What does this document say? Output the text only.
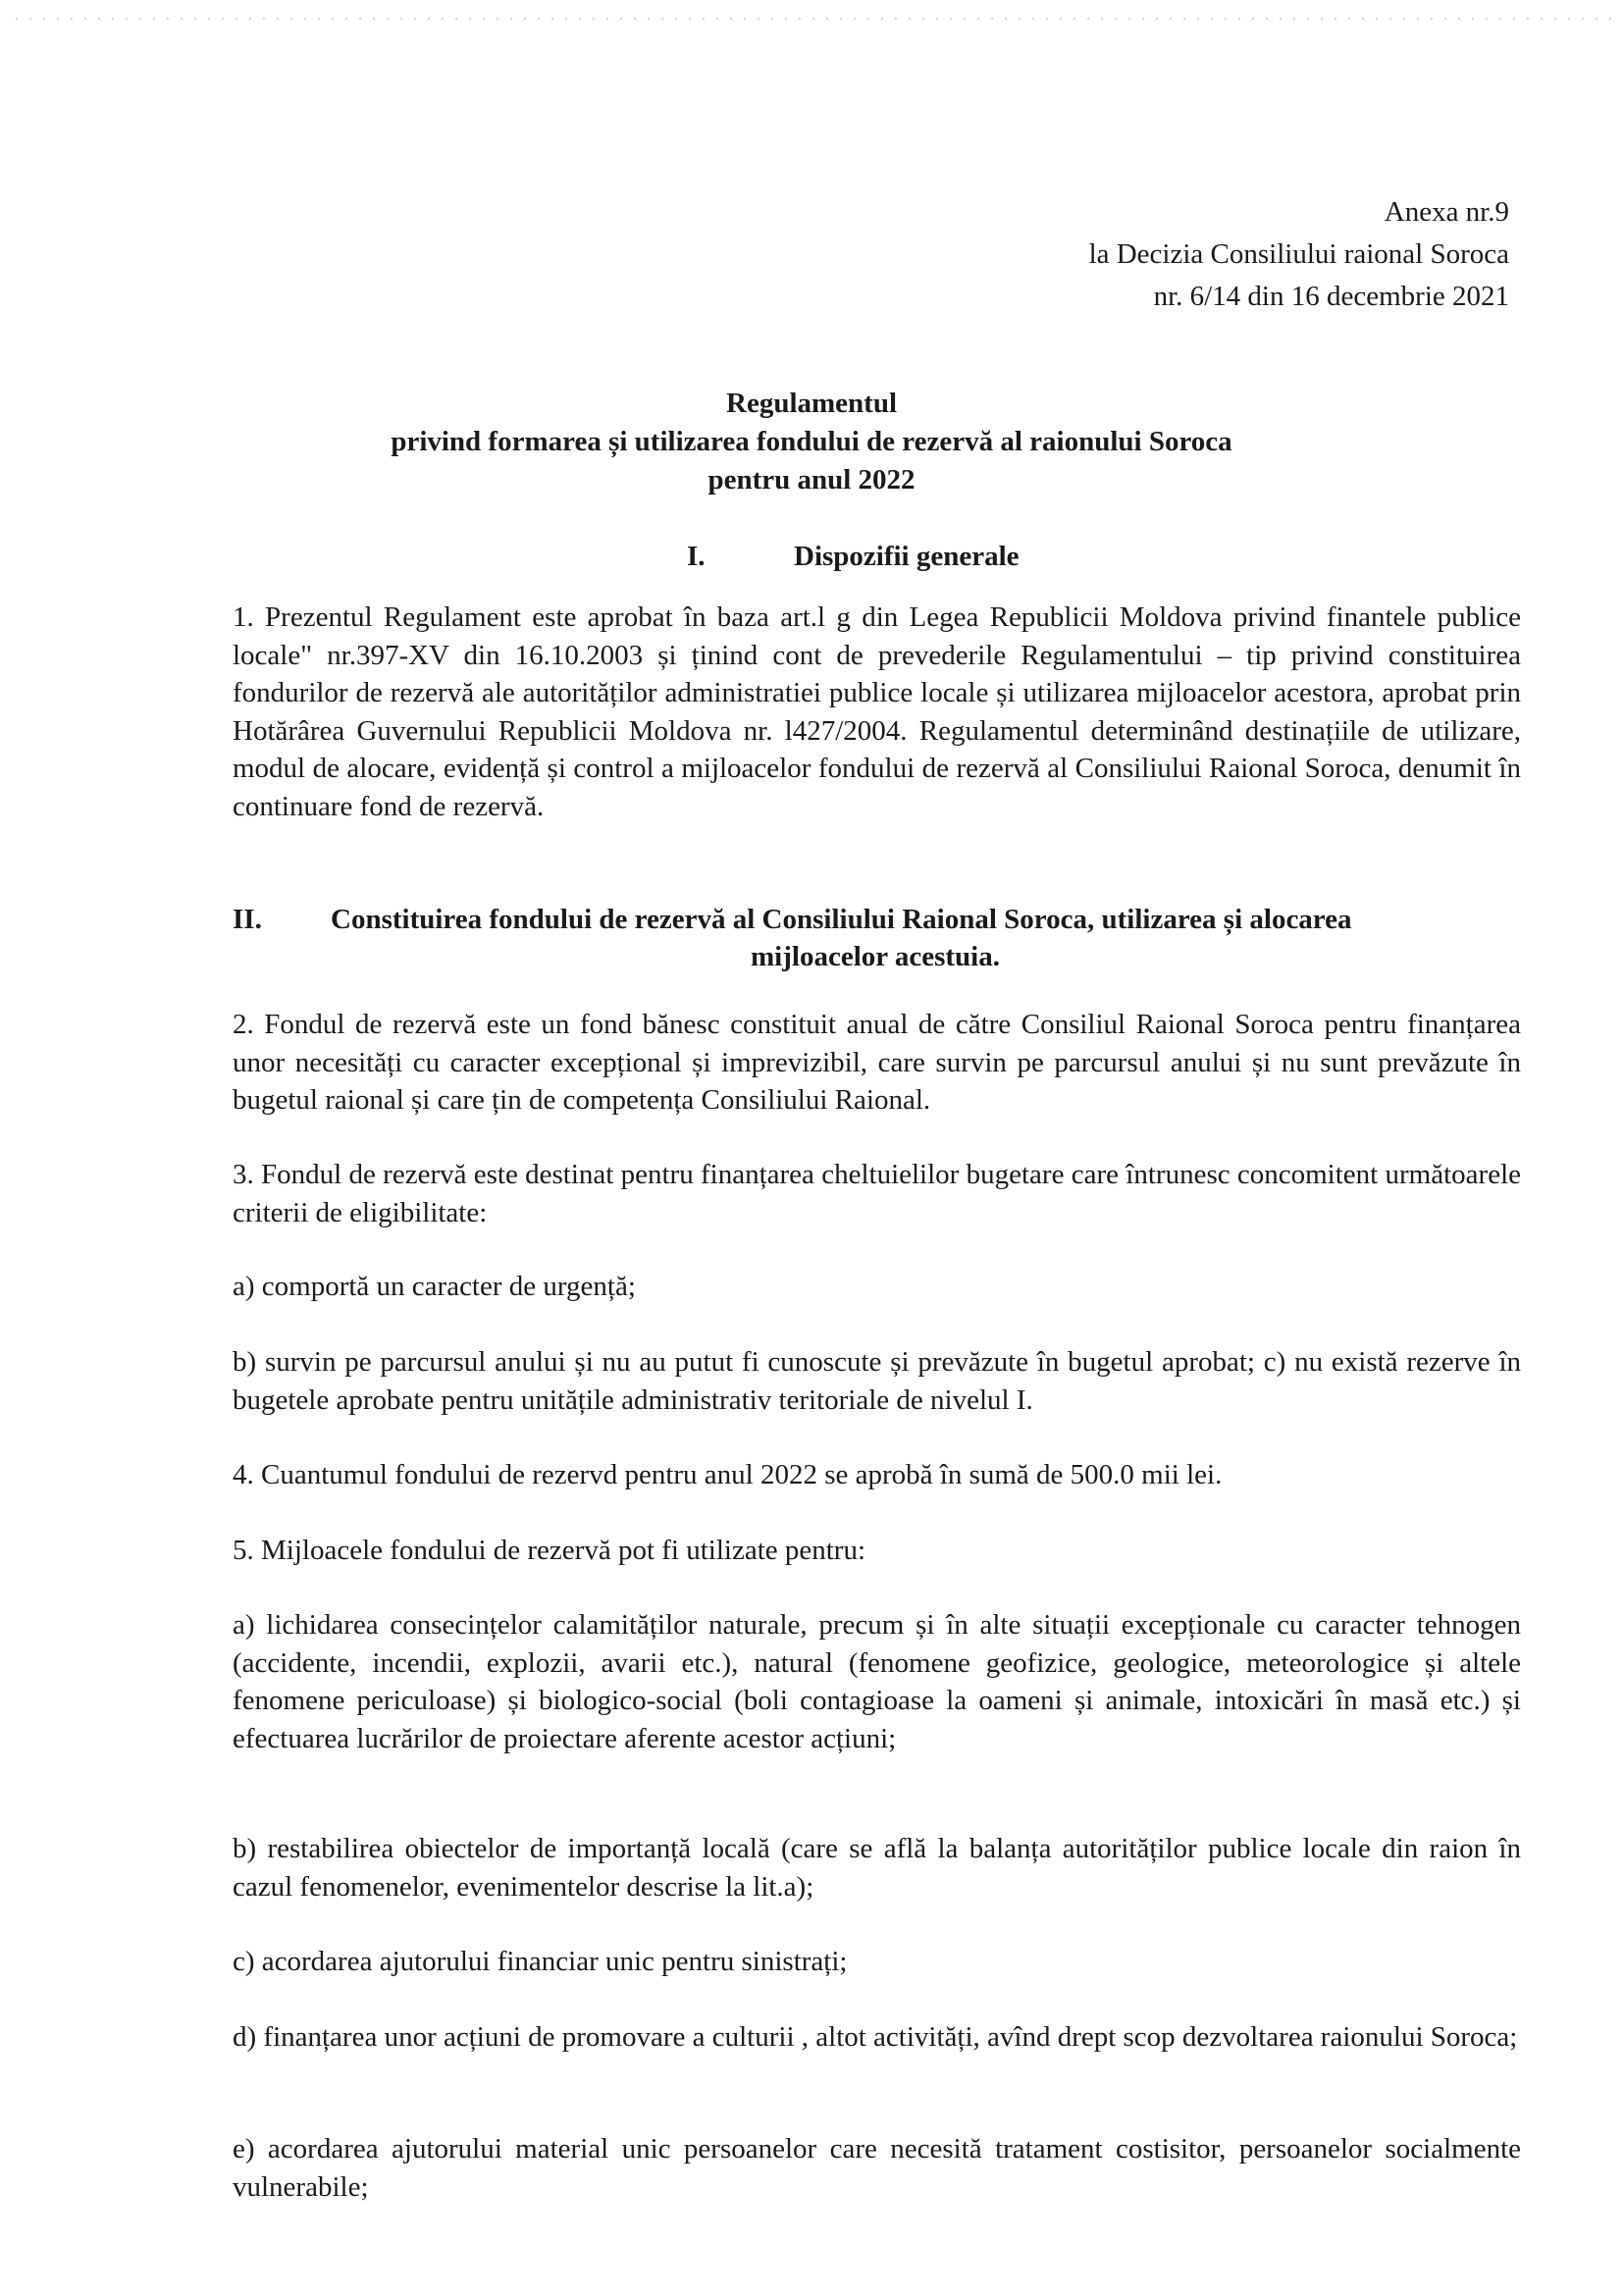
Anexa nr.9
la Decizia Consiliului raional Soroca
nr. 6/14 din 16 decembrie 2021
Regulamentul
privind formarea și utilizarea fondului de rezervă al raionului Soroca
pentru anul 2022
I.	Dispozifii generale
1. Prezentul Regulament este aprobat în baza art.l g din Legea Republicii Moldova privind finantele publice locale" nr.397-XV din 16.10.2003 și ținind cont de prevederile Regulamentului – tip privind constituirea fondurilor de rezervă ale autorităților administratiei publice locale și utilizarea mijloacelor acestora, aprobat prin Hotărârea Guvernului Republicii Moldova nr. l427/2004. Regulamentul determinând destinațiile de utilizare, modul de alocare, evidență și control a mijloacelor fondului de rezervă al Consiliului Raional Soroca, denumit în continuare fond de rezervă.
II. Constituirea fondului de rezervă al Consiliului Raional Soroca, utilizarea și alocarea
mijloacelor acestuia.
2. Fondul de rezervă este un fond bănesc constituit anual de către Consiliul Raional Soroca pentru finanțarea unor necesități cu caracter excepțional și imprevizibil, care survin pe parcursul anului și nu sunt prevăzute în bugetul raional și care țin de competența Consiliului Raional.
3. Fondul de rezervă este destinat pentru finanțarea cheltuielilor bugetare care întrunesc concomitent următoarele criterii de eligibilitate:
a) comportă un caracter de urgență;
b) survin pe parcursul anului și nu au putut fi cunoscute și prevăzute în bugetul aprobat; c) nu există rezerve în bugetele aprobate pentru unitățile administrativ teritoriale de nivelul I.
4. Cuantumul fondului de rezervd pentru anul 2022 se aprobă în sumă de 500.0 mii lei.
5. Mijloacele fondului de rezervă pot fi utilizate pentru:
a) lichidarea consecințelor calamităților naturale, precum și în alte situații excepționale cu caracter tehnogen (accidente, incendii, explozii, avarii etc.), natural (fenomene geofizice, geologice, meteorologice și altele fenomene periculoase) și biologico-social (boli contagioase la oameni și animale, intoxicări în masă etc.) și efectuarea lucrărilor de proiectare aferente acestor acțiuni;
b) restabilirea obiectelor de importanță locală (care se află la balanța autorităților publice locale din raion în cazul fenomenelor, evenimentelor descrise la lit.a);
c) acordarea ajutorului financiar unic pentru sinistrați;
d) finanțarea unor acțiuni de promovare a culturii , altot activități, avînd drept scop dezvoltarea raionului Soroca;
e) acordarea ajutorului material unic persoanelor care necesită tratament costisitor, persoanelor socialmente vulnerabile;
